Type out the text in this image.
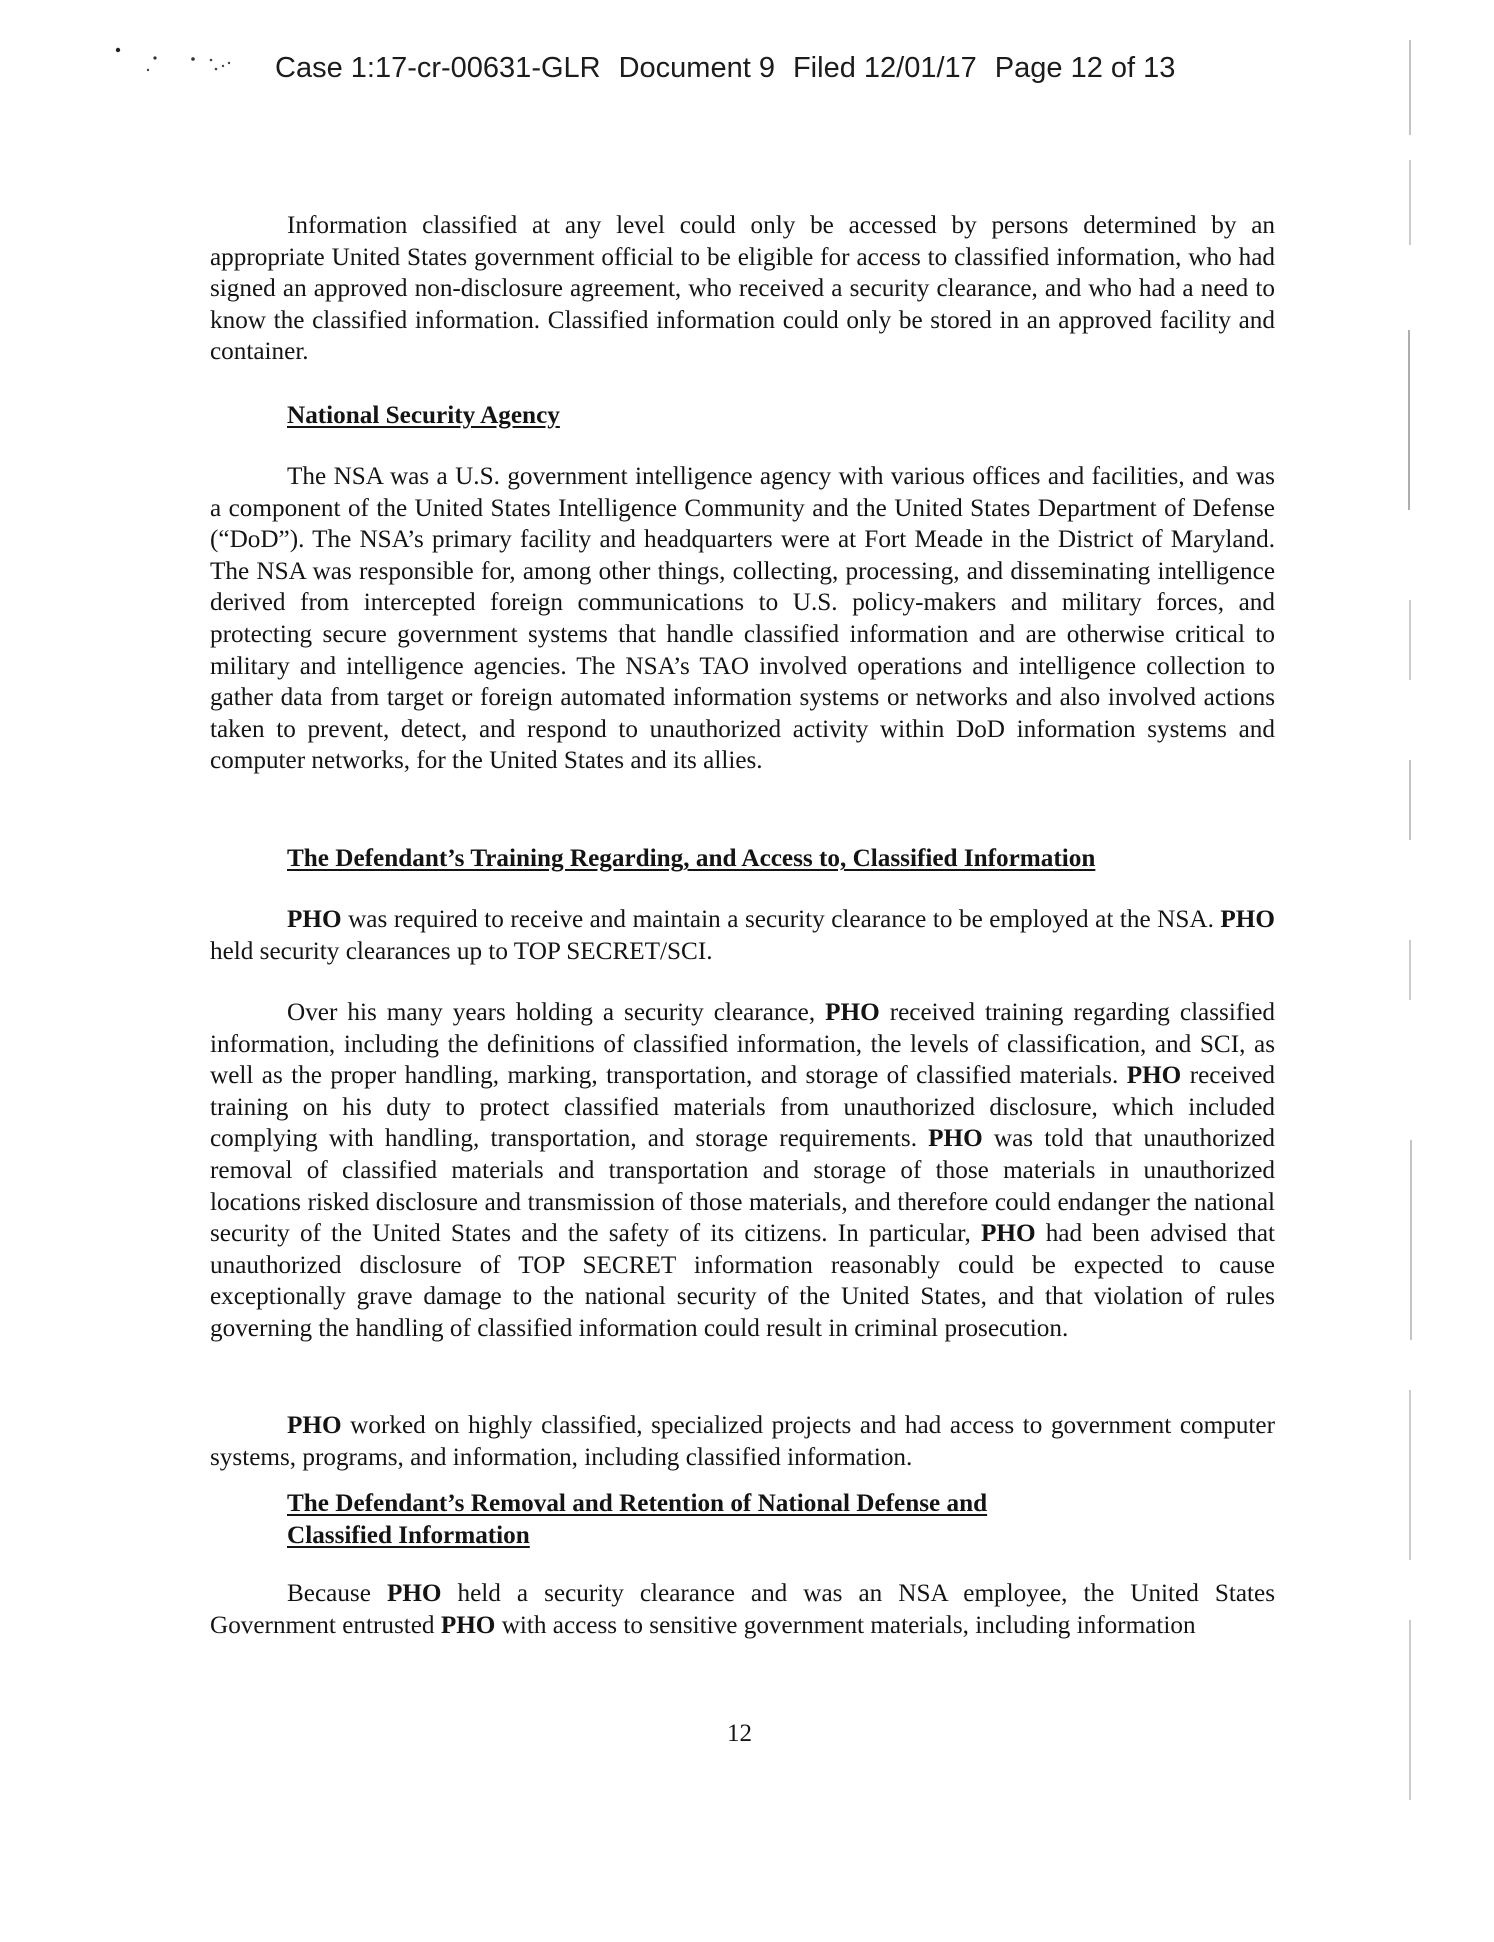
Case 1:17-cr-00631-GLR Document 9 Filed 12/01/17 Page 12 of 13

Information classified at any level could only be accessed by persons determined by an appropriate United States government official to be eligible for access to classified information, who had signed an approved non-disclosure agreement, who received a security clearance, and who had a need to know the classified information. Classified information could only be stored in an approved facility and container.

National Security Agency

The NSA was a U.S. government intelligence agency with various offices and facilities, and was a component of the United States Intelligence Community and the United States Department of Defense (“DoD”). The NSA’s primary facility and headquarters were at Fort Meade in the District of Maryland. The NSA was responsible for, among other things, collecting, processing, and disseminating intelligence derived from intercepted foreign communications to U.S. policy-makers and military forces, and protecting secure government systems that handle classified information and are otherwise critical to military and intelligence agencies. The NSA’s TAO involved operations and intelligence collection to gather data from target or foreign automated information systems or networks and also involved actions taken to prevent, detect, and respond to unauthorized activity within DoD information systems and computer networks, for the United States and its allies.

The Defendant’s Training Regarding, and Access to, Classified Information

PHO was required to receive and maintain a security clearance to be employed at the NSA. PHO held security clearances up to TOP SECRET/SCI.

Over his many years holding a security clearance, PHO received training regarding classified information, including the definitions of classified information, the levels of classification, and SCI, as well as the proper handling, marking, transportation, and storage of classified materials. PHO received training on his duty to protect classified materials from unauthorized disclosure, which included complying with handling, transportation, and storage requirements. PHO was told that unauthorized removal of classified materials and transportation and storage of those materials in unauthorized locations risked disclosure and transmission of those materials, and therefore could endanger the national security of the United States and the safety of its citizens. In particular, PHO had been advised that unauthorized disclosure of TOP SECRET information reasonably could be expected to cause exceptionally grave damage to the national security of the United States, and that violation of rules governing the handling of classified information could result in criminal prosecution.

PHO worked on highly classified, specialized projects and had access to government computer systems, programs, and information, including classified information.

The Defendant’s Removal and Retention of National Defense and
Classified Information

Because PHO held a security clearance and was an NSA employee, the United States Government entrusted PHO with access to sensitive government materials, including information

12
